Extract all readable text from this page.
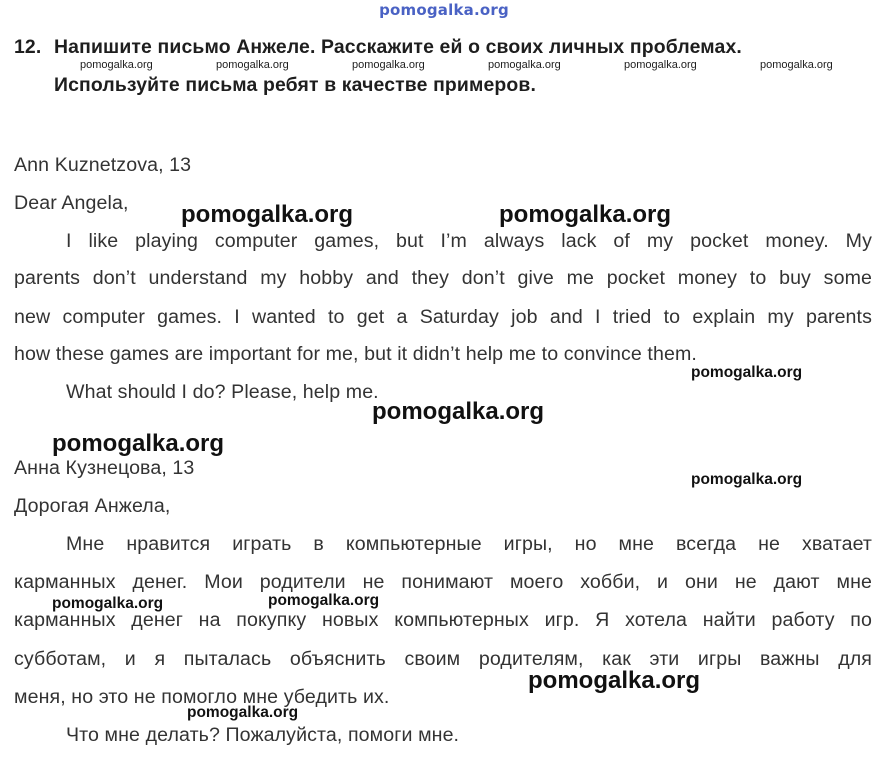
pomogalka.org
12. Напишите письмо Анжеле. Расскажите ей о своих личных проблемах.
Используйте письма ребят в качестве примеров.
pomogalka.org	pomogalka.org	pomogalka.org	pomogalka.org	pomogalka.org	pomogalka.org
Ann Kuznetzova, 13
Dear Angela,
I like playing computer games, but I’m always lack of my pocket money. My
parents don’t understand my hobby and they don’t give me pocket money to buy some
new computer games. I wanted to get a Saturday job and I tried to explain my parents
how these games are important for me, but it didn’t help me to convince them.
What should I do? Please, help me.
Анна Кузнецова, 13
Дорогая Анжела,
Мне нравится играть в компьютерные игры, но мне всегда не хватает
карманных денег. Мои родители не понимают моего хобби, и они не дают мне
карманных денег на покупку новых компьютерных игр. Я хотела найти работу по
субботам, и я пыталась объяснить своим родителям, как эти игры важны для
меня, но это не помогло мне убедить их.
Что мне делать? Пожалуйста, помоги мне.
pomogalka.org	pomogalka.org
pomogalka.org
pomogalka.org
pomogalka.org
pomogalka.org
pomogalka.org
pomogalka.org	pomogalka.org
pomogalka.org
